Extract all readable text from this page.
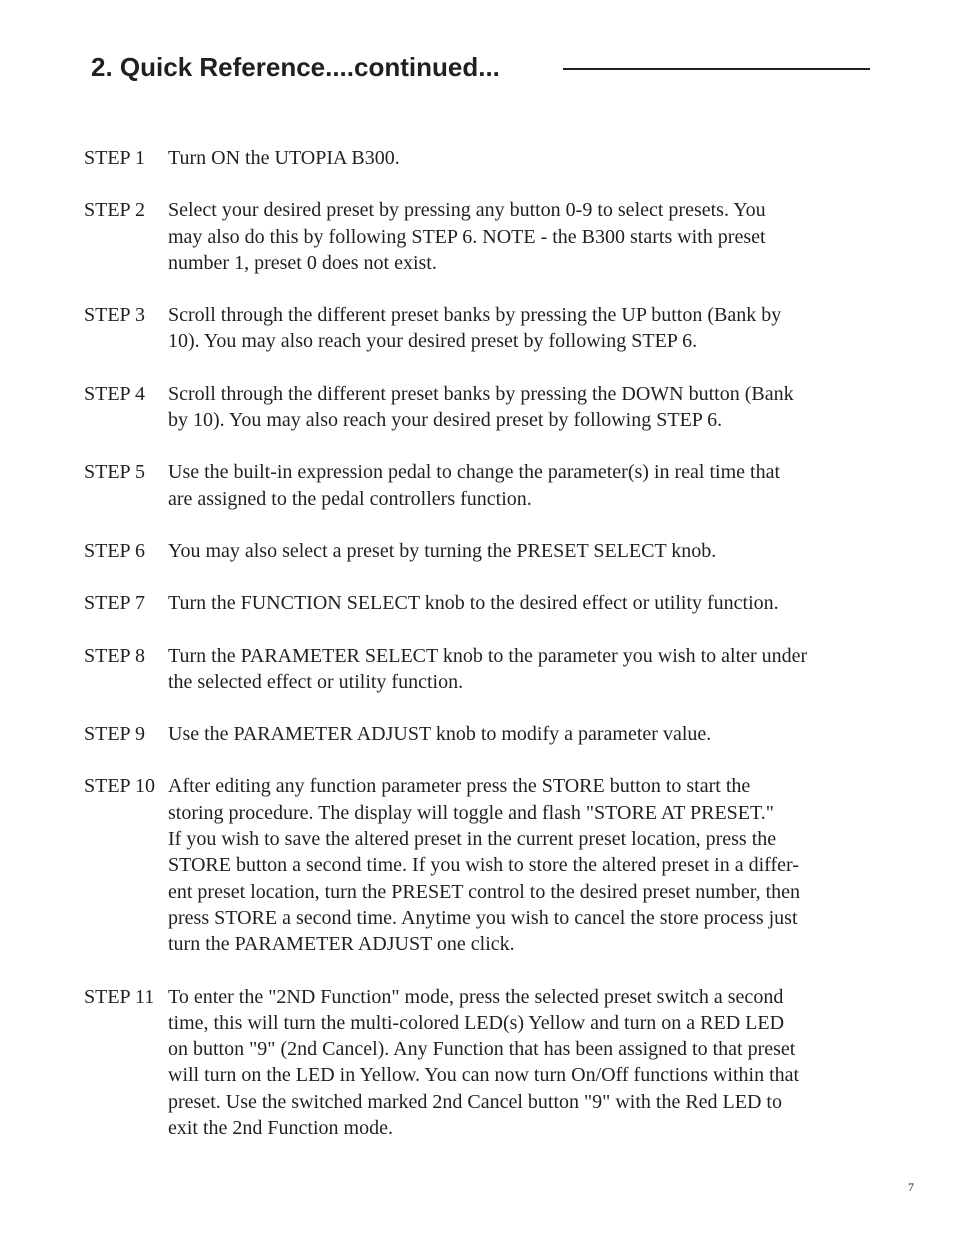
2. Quick Reference....continued...
STEP 1	Turn ON the UTOPIA B300.
STEP 2	Select your desired preset by pressing any button 0-9 to select presets. You
may also do this by following STEP 6. NOTE - the B300 starts with preset
number 1, preset 0 does not exist.
STEP 3	Scroll through the different preset banks by pressing the UP button (Bank by
10). You may also reach your desired preset by following STEP 6.
STEP 4	Scroll through the different preset banks by pressing the DOWN button (Bank
by 10). You may also reach your desired preset by following STEP 6.
STEP 5	Use the built-in expression pedal to change the parameter(s) in real time that
are assigned to the pedal controllers function.
STEP 6	You may also select a preset by turning the PRESET SELECT knob.
STEP 7	Turn the FUNCTION SELECT knob to the desired effect or utility function.
STEP 8	Turn the PARAMETER SELECT knob to the parameter you wish to alter under
the selected effect or utility function.
STEP 9	Use the PARAMETER ADJUST knob to modify a parameter value.
STEP 10 After editing any function parameter press the STORE button to start the
storing procedure. The display will toggle and flash "STORE AT PRESET."
If you wish to save the altered preset in the current preset location, press the
STORE button a second time. If you wish to store the altered preset in a differ-
ent preset location, turn the PRESET control to the desired preset number, then
press STORE a second time. Anytime you wish to cancel the store process just
turn the PARAMETER ADJUST one click.
STEP 11 To enter the "2ND Function" mode, press the selected preset switch a second
time, this will turn the multi-colored LED(s) Yellow and turn on a RED LED
on button "9" (2nd Cancel). Any Function that has been assigned to that preset
will turn on the LED in Yellow. You can now turn On/Off functions within that
preset. Use the switched marked 2nd Cancel button "9" with the Red LED to
exit the 2nd Function mode.
7
